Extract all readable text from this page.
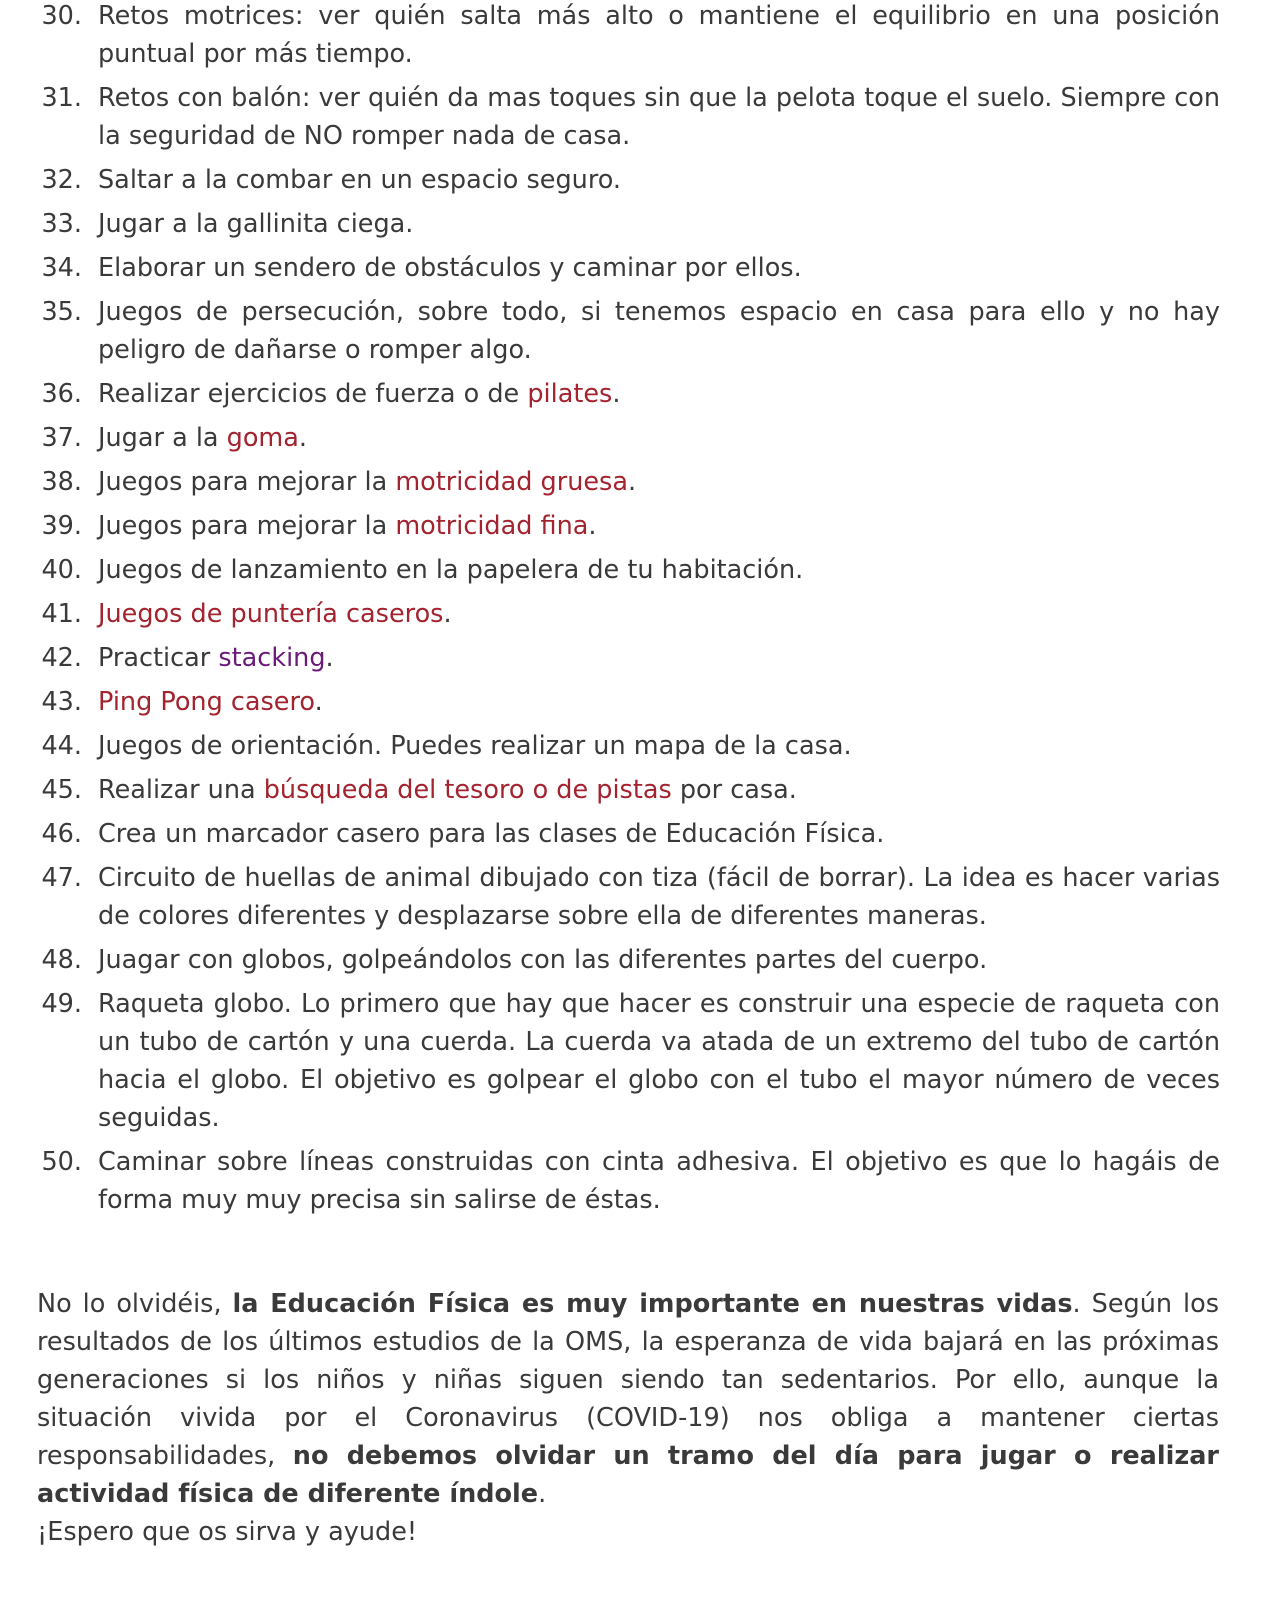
30. Retos motrices: ver quién salta más alto o mantiene el equilibrio en una posición puntual por más tiempo.
31. Retos con balón: ver quién da mas toques sin que la pelota toque el suelo. Siempre con la seguridad de NO romper nada de casa.
32. Saltar a la combar en un espacio seguro.
33. Jugar a la gallinita ciega.
34. Elaborar un sendero de obstáculos y caminar por ellos.
35. Juegos de persecución, sobre todo, si tenemos espacio en casa para ello y no hay peligro de dañarse o romper algo.
36. Realizar ejercicios de fuerza o de pilates.
37. Jugar a la goma.
38. Juegos para mejorar la motricidad gruesa.
39. Juegos para mejorar la motricidad fina.
40. Juegos de lanzamiento en la papelera de tu habitación.
41. Juegos de puntería caseros.
42. Practicar stacking.
43. Ping Pong casero.
44. Juegos de orientación. Puedes realizar un mapa de la casa.
45. Realizar una búsqueda del tesoro o de pistas por casa.
46. Crea un marcador casero para las clases de Educación Física.
47. Circuito de huellas de animal dibujado con tiza (fácil de borrar). La idea es hacer varias de colores diferentes y desplazarse sobre ella de diferentes maneras.
48. Juagar con globos, golpeándolos con las diferentes partes del cuerpo.
49. Raqueta globo. Lo primero que hay que hacer es construir una especie de raqueta con un tubo de cartón y una cuerda. La cuerda va atada de un extremo del tubo de cartón hacia el globo. El objetivo es golpear el globo con el tubo el mayor número de veces seguidas.
50. Caminar sobre líneas construidas con cinta adhesiva. El objetivo es que lo hagáis de forma muy muy precisa sin salirse de éstas.

No lo olvidéis, la Educación Física es muy importante en nuestras vidas. Según los resultados de los últimos estudios de la OMS, la esperanza de vida bajará en las próximas generaciones si los niños y niñas siguen siendo tan sedentarios. Por ello, aunque la situación vivida por el Coronavirus (COVID-19) nos obliga a mantener ciertas responsabilidades, no debemos olvidar un tramo del día para jugar o realizar actividad física de diferente índole.

¡Espero que os sirva y ayude!
